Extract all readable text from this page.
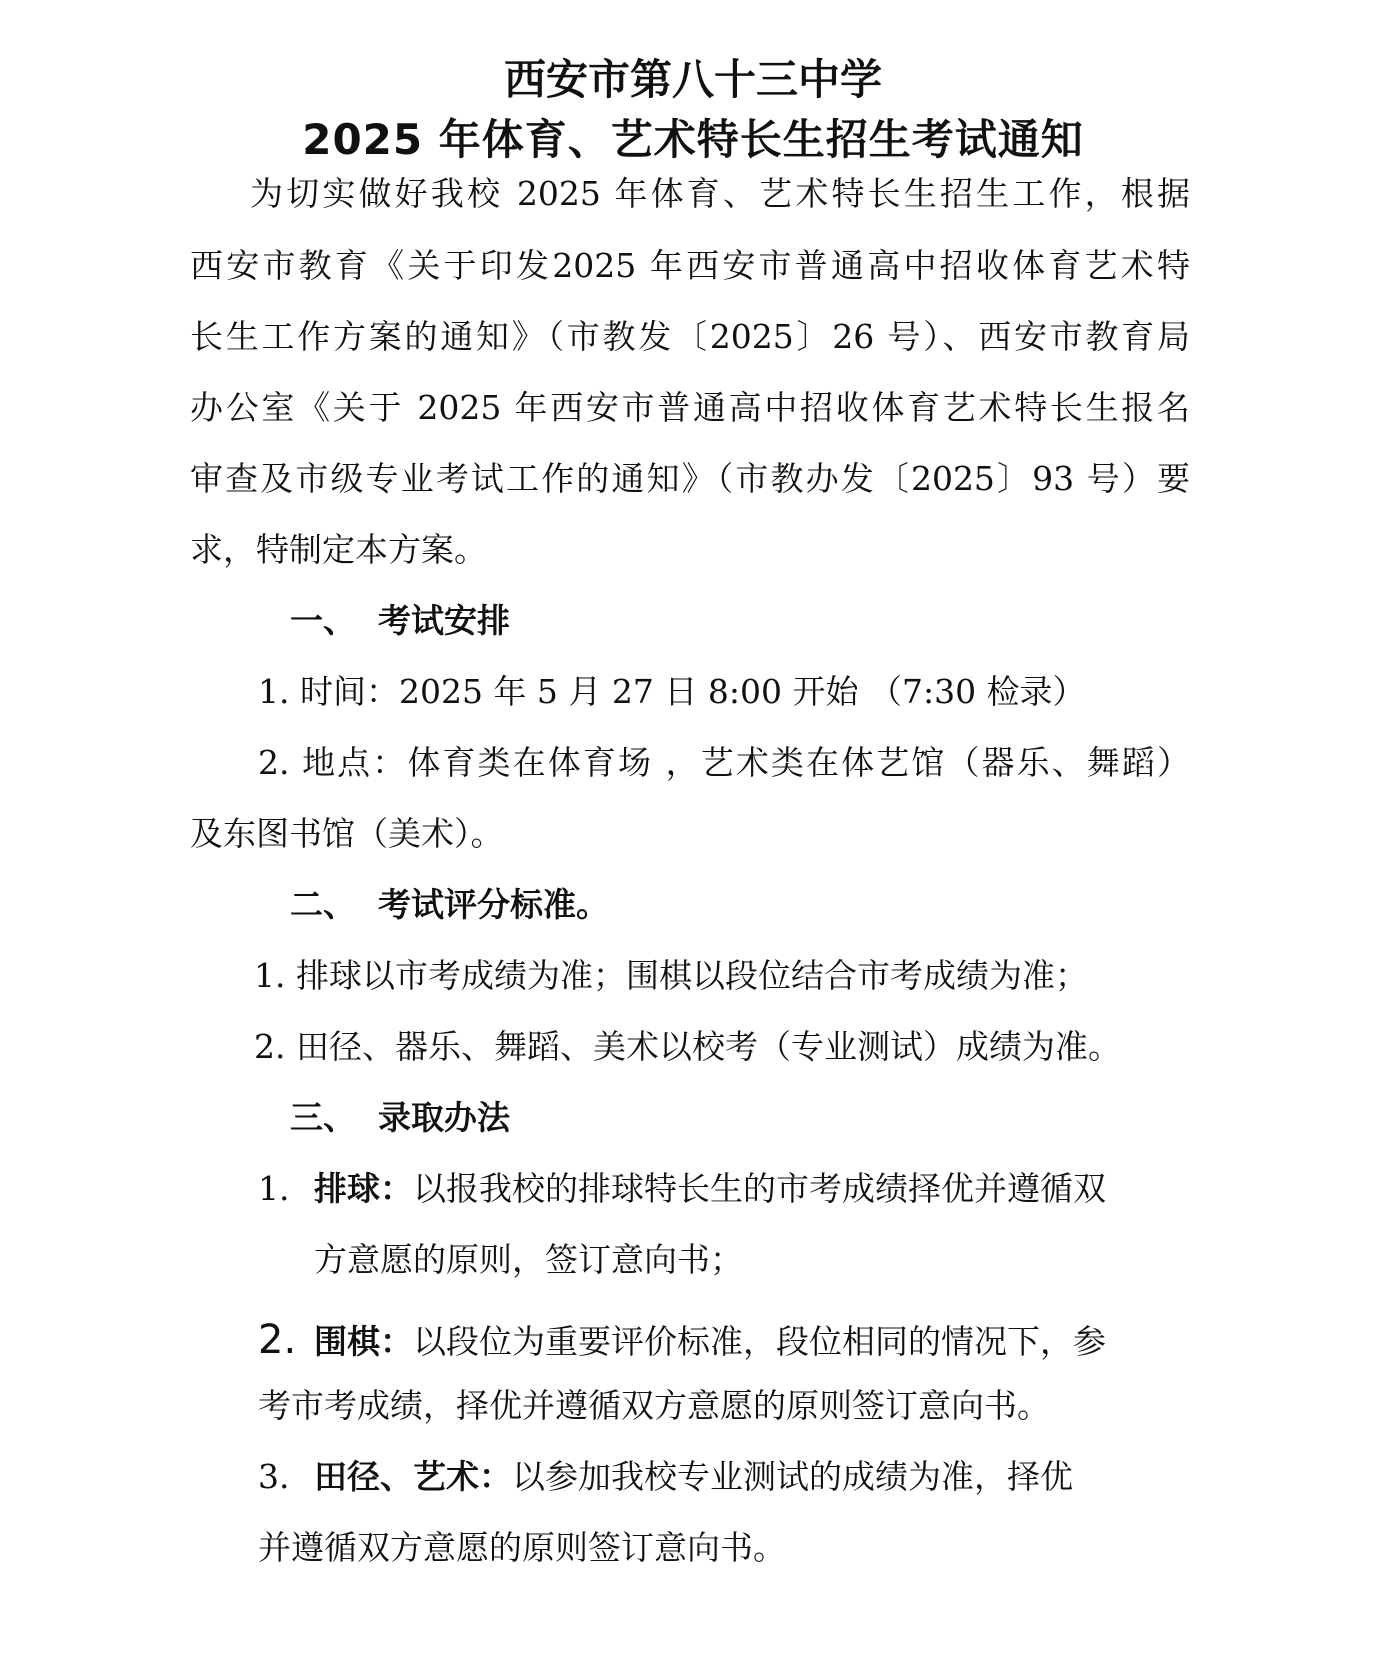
西安市第八十三中学
2025 年体育、艺术特长生招生考试通知
为切实做好我校 2025 年体育、艺术特长生招生工作，根据
西安市教育《关于印发2025 年西安市普通高中招收体育艺术特
长生工作方案的通知》（市教发〔2025〕26 号）、西安市教育局
办公室《关于 2025 年西安市普通高中招收体育艺术特长生报名
审查及市级专业考试工作的通知》（市教办发〔2025〕93 号）要
求，特制定本方案。
一、 考试安排
1. 时间：2025 年 5 月 27 日 8:00 开始 （7:30 检录）
2. 地点：体育类在体育场 ，艺术类在体艺馆（器乐、舞蹈）
及东图书馆（美术）。
二、 考试评分标准。
1. 排球以市考成绩为准；围棋以段位结合市考成绩为准；
2. 田径、器乐、舞蹈、美术以校考（专业测试）成绩为准。
三、 录取办法
1. 排球：以报我校的排球特长生的市考成绩择优并遵循双
方意愿的原则，签订意向书；
2. 围棋：以段位为重要评价标准，段位相同的情况下，参
考市考成绩，择优并遵循双方意愿的原则签订意向书。
3. 田径、艺术：以参加我校专业测试的成绩为准，择优
并遵循双方意愿的原则签订意向书。
